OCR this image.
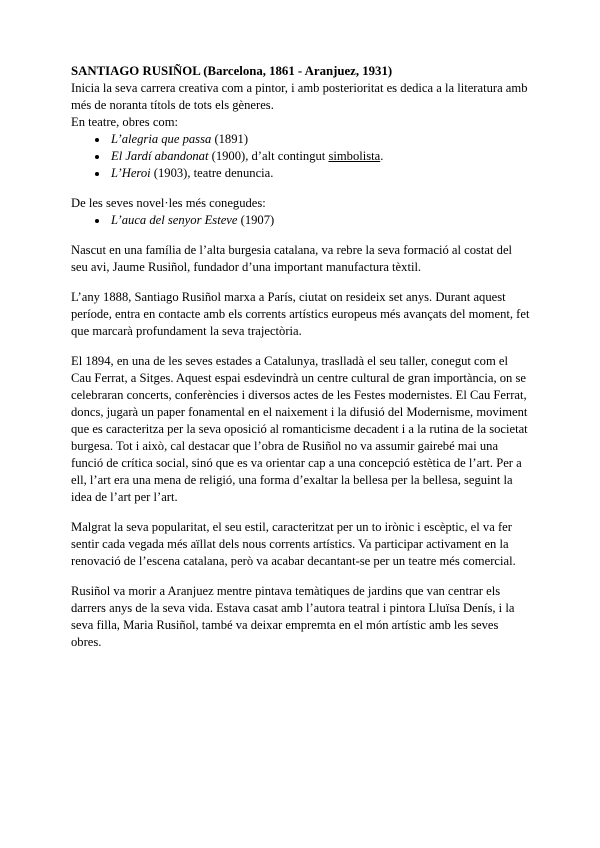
SANTIAGO RUSIÑOL (Barcelona, 1861 - Aranjuez, 1931)

Inicia la seva carrera creativa com a pintor, i amb posterioritat es dedica a la literatura amb més de noranta títols de tots els gèneres.

En teatre, obres com:

• L’alegria que passa (1891)
• El Jardí abandonat (1900), d’alt contingut simbolista.
• L’Heroi (1903), teatre denuncia.

De les seves novel·les més conegudes:

• L’auca del senyor Esteve (1907)

Nascut en una família de l’alta burgesia catalana, va rebre la seva formació al costat del seu avi, Jaume Rusiñol, fundador d’una important manufactura tèxtil.

L’any 1888, Santiago Rusiñol marxa a París, ciutat on resideix set anys. Durant aquest període, entra en contacte amb els corrents artístics europeus més avançats del moment, fet que marcarà profundament la seva trajectòria.

El 1894, en una de les seves estades a Catalunya, traslladà el seu taller, conegut com el Cau Ferrat, a Sitges. Aquest espai esdevindrà un centre cultural de gran importància, on se celebraran concerts, conferències i diversos actes de les Festes modernistes. El Cau Ferrat, doncs, jugarà un paper fonamental en el naixement i la difusió del Modernisme, moviment que es caracteritza per la seva oposició al romanticisme decadent i a la rutina de la societat burgesa. Tot i això, cal destacar que l’obra de Rusiñol no va assumir gairebé mai una funció de crítica social, sinó que es va orientar cap a una concepció estètica de l’art. Per a ell, l’art era una mena de religió, una forma d’exaltar la bellesa per la bellesa, seguint la idea de l’art per l’art.

Malgrat la seva popularitat, el seu estil, caracteritzat per un to irònic i escèptic, el va fer sentir cada vegada més aïllat dels nous corrents artístics. Va participar activament en la renovació de l’escena catalana, però va acabar decantant-se per un teatre més comercial.

Rusiñol va morir a Aranjuez mentre pintava temàtiques de jardins que van centrar els darrers anys de la seva vida. Estava casat amb l’autora teatral i pintora Lluïsa Denís, i la seva filla, Maria Rusiñol, també va deixar empremta en el món artístic amb les seves obres.
